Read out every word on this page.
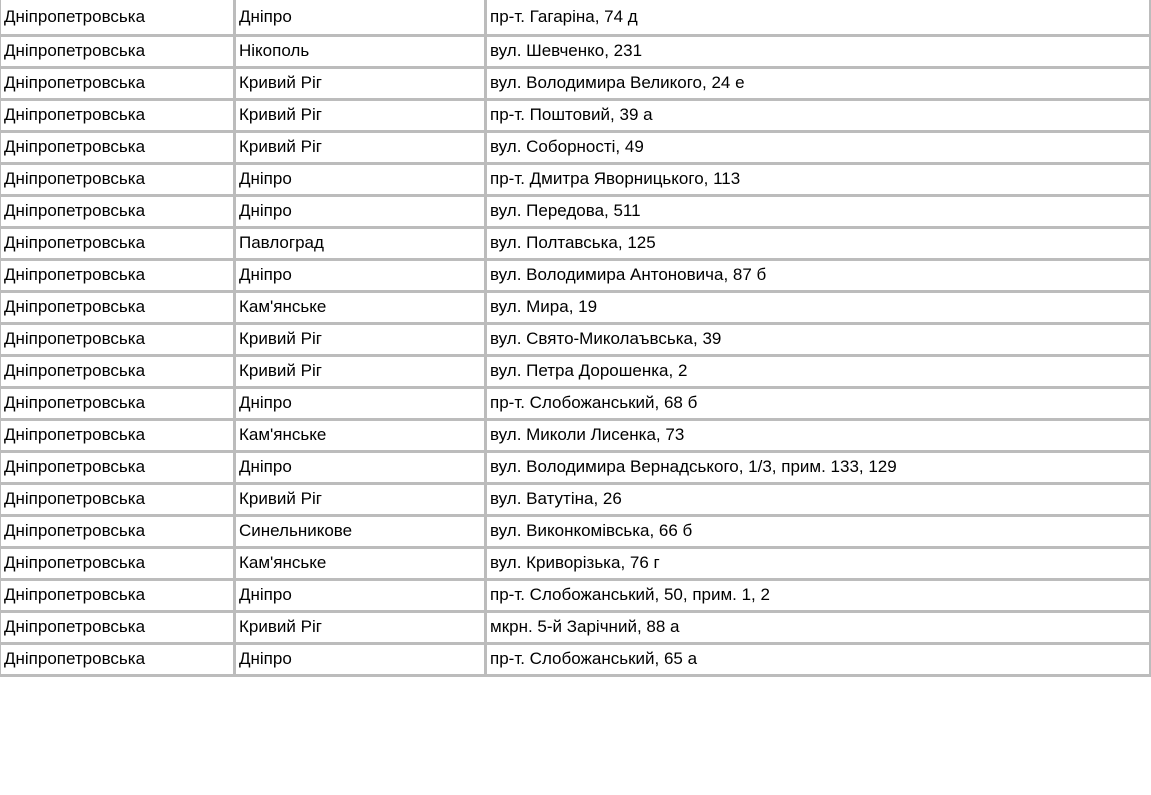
Дніпропетровська	Дніпро	пр-т. Гагаріна, 74 д
Дніпропетровська	Нікополь	вул. Шевченко, 231
Дніпропетровська	Кривий Ріг	вул. Володимира Великого, 24 е
Дніпропетровська	Кривий Ріг	пр-т. Поштовий, 39 а
Дніпропетровська	Кривий Ріг	вул. Соборності, 49
Дніпропетровська	Дніпро	пр-т. Дмитра Яворницького, 113
Дніпропетровська	Дніпро	вул. Передова, 511
Дніпропетровська	Павлоград	вул. Полтавська, 125
Дніпропетровська	Дніпро	вул. Володимира Антоновича, 87 б
Дніпропетровська	Кам'янське	вул. Мира, 19
Дніпропетровська	Кривий Ріг	вул. Свято-Миколаъвська, 39
Дніпропетровська	Кривий Ріг	вул. Петра Дорошенка, 2
Дніпропетровська	Дніпро	пр-т. Слобожанський, 68 б
Дніпропетровська	Кам'янське	вул. Миколи Лисенка, 73
Дніпропетровська	Дніпро	вул. Володимира Вернадського, 1/3, прим. 133, 129
Дніпропетровська	Кривий Ріг	вул. Ватутіна, 26
Дніпропетровська	Синельникове	вул. Виконкомівська, 66 б
Дніпропетровська	Кам'янське	вул. Криворізька, 76 г
Дніпропетровська	Дніпро	пр-т. Слобожанський, 50, прим. 1, 2
Дніпропетровська	Кривий Ріг	мкрн. 5-й Зарічний, 88 а
Дніпропетровська	Дніпро	пр-т. Слобожанський, 65 а
